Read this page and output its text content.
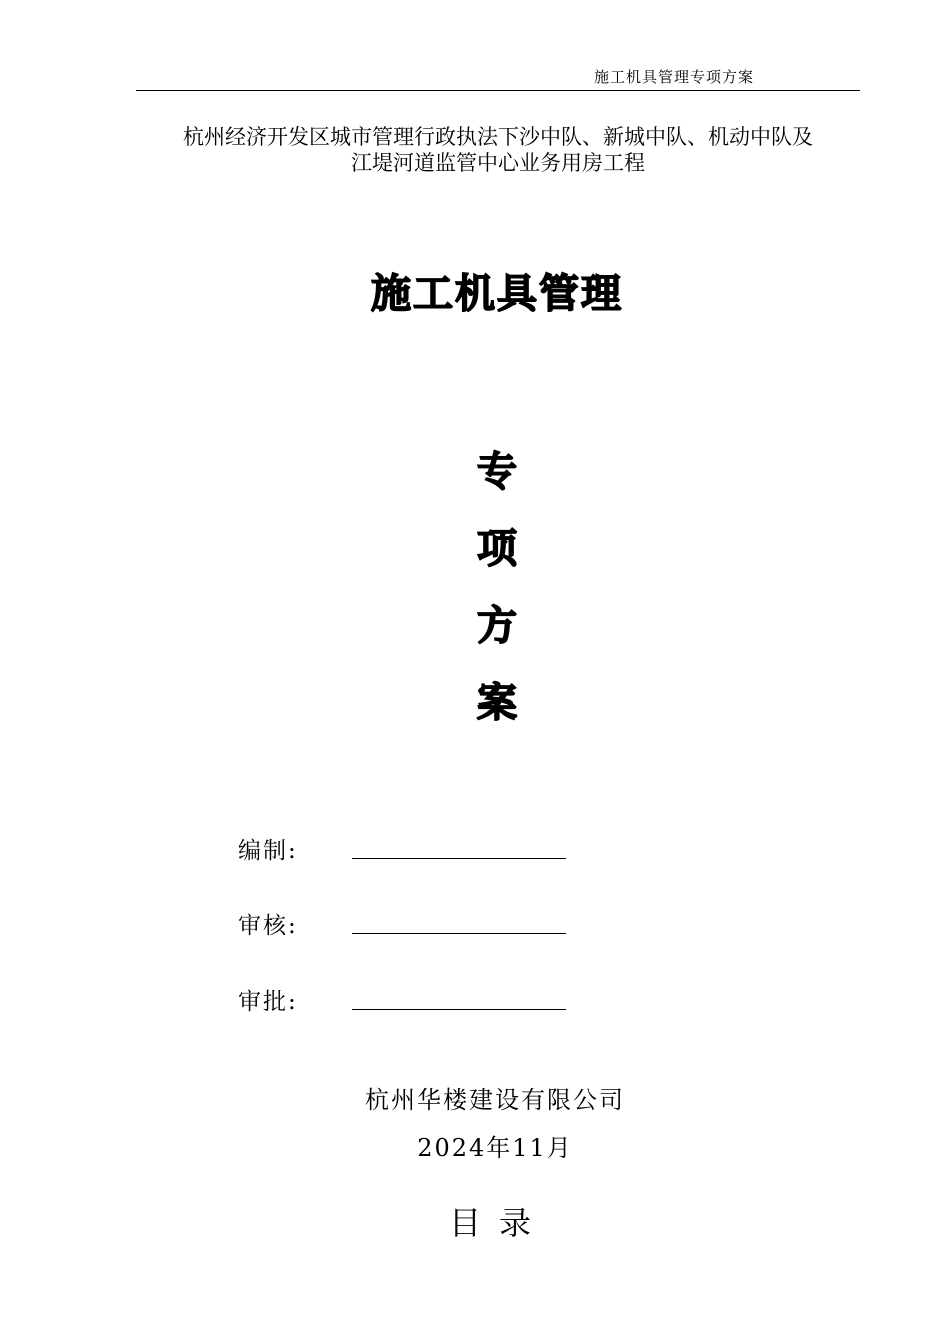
施工机具管理专项方案
杭州经济开发区城市管理行政执法下沙中队、新城中队、机动中队及
江堤河道监管中心业务用房工程
施工机具管理
专
项
方
案
编制:
审核:
审批:
杭州华楼建设有限公司
2024年11月
目录
